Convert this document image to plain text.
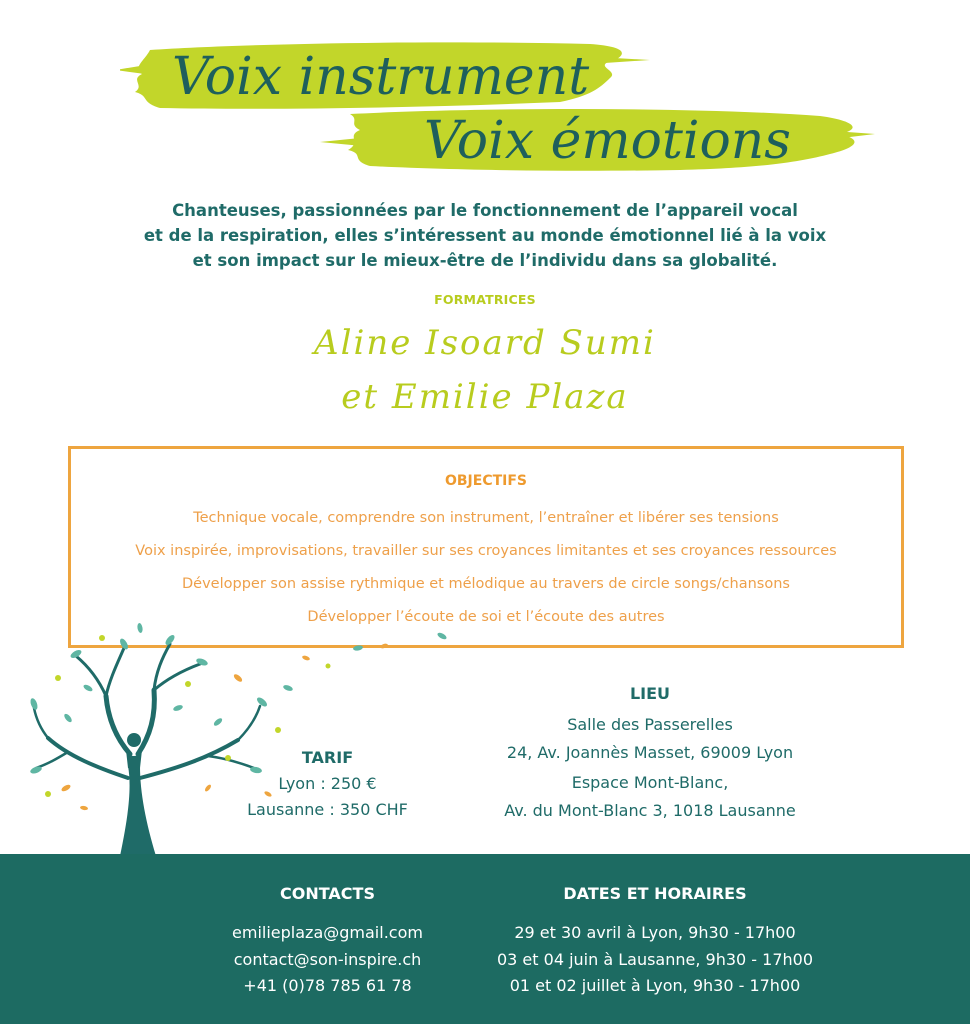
Voix instrument
Voix émotions
Chanteuses, passionnées par le fonctionnement de l’appareil vocal
et de la respiration, elles s’intéressent au monde émotionnel lié à la voix
et son impact sur le mieux-être de l’individu dans sa globalité.
FORMATRICES
Aline Isoard Sumi
et Emilie Plaza
OBJECTIFS
Technique vocale, comprendre son instrument, l’entraîner et libérer ses tensions
Voix inspirée, improvisations, travailler sur ses croyances limitantes et ses croyances ressources
Développer son assise rythmique et mélodique au travers de circle songs/chansons
Développer l’écoute de soi et l’écoute des autres
TARIF

Lyon : 250 €

Lausanne : 350 CHF

LIEU
Salle des Passerelles
24, Av. Joannès Masset, 69009 Lyon
Espace Mont-Blanc,
Av. du Mont-Blanc 3, 1018 Lausanne
CONTACTS
emilieplaza@gmail.com
contact@son-inspire.ch
+41 (0)78 785 61 78
DATES ET HORAIRES
29 et 30 avril à Lyon, 9h30 - 17h00
03 et 04 juin à Lausanne, 9h30 - 17h00
01 et 02 juillet à Lyon, 9h30 - 17h00
